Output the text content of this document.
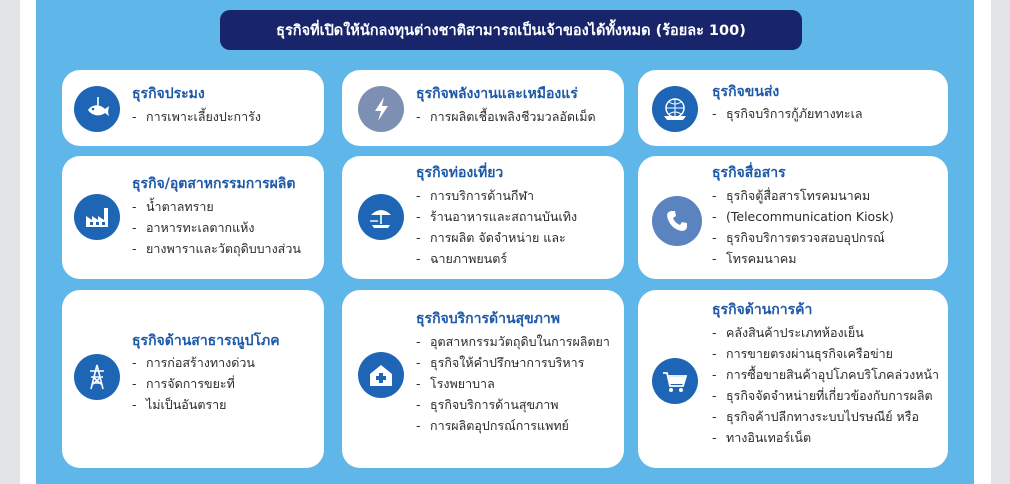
ธุรกิจที่เปิดให้นักลงทุนต่างชาติสามารถเป็นเจ้าของได้ทั้งหมด (ร้อยละ 100)
ธุรกิจประมง
- การเพาะเลี้ยงปะการัง
ธุรกิจพลังงานและเหมืองแร่
- การผลิตเชื้อเพลิงชีวมวลอัดเม็ด
ธุรกิจขนส่ง
- ธุรกิจบริการกู้ภัยทางทะเล
ธุรกิจ/อุตสาหกรรมการผลิต
- น้ำตาลทราย
- อาหารทะเลตากแห้ง
- ยางพาราและวัตถุดิบบางส่วน
ธุรกิจท่องเที่ยว
- การบริการด้านกีฬา
- ร้านอาหารและสถานบันเทิง
- การผลิต จัดจำหน่าย และ
- ฉายภาพยนตร์
ธุรกิจสื่อสาร
- ธุรกิจตู้สื่อสารโทรคมนาคม
- (Telecommunication Kiosk)
- ธุรกิจบริการตรวจสอบอุปกรณ์
- โทรคมนาคม
ธุรกิจด้านสาธารณูปโภค
- การก่อสร้างทางด่วน
- การจัดการขยะที่
- ไม่เป็นอันตราย
ธุรกิจบริการด้านสุขภาพ
- อุตสาหกรรมวัตถุดิบในการผลิตยา
- ธุรกิจให้คำปรึกษาการบริหาร
- โรงพยาบาล
- ธุรกิจบริการด้านสุขภาพ
- การผลิตอุปกรณ์การแพทย์
ธุรกิจด้านการค้า
- คลังสินค้าประเภทห้องเย็น
- การขายตรงผ่านธุรกิจเครือข่าย
- การซื้อขายสินค้าอุปโภคบริโภคล่วงหน้า
- ธุรกิจจัดจำหน่ายที่เกี่ยวข้องกับการผลิต
- ธุรกิจค้าปลีกทางระบบไปรษณีย์ หรือ
- ทางอินเทอร์เน็ต
